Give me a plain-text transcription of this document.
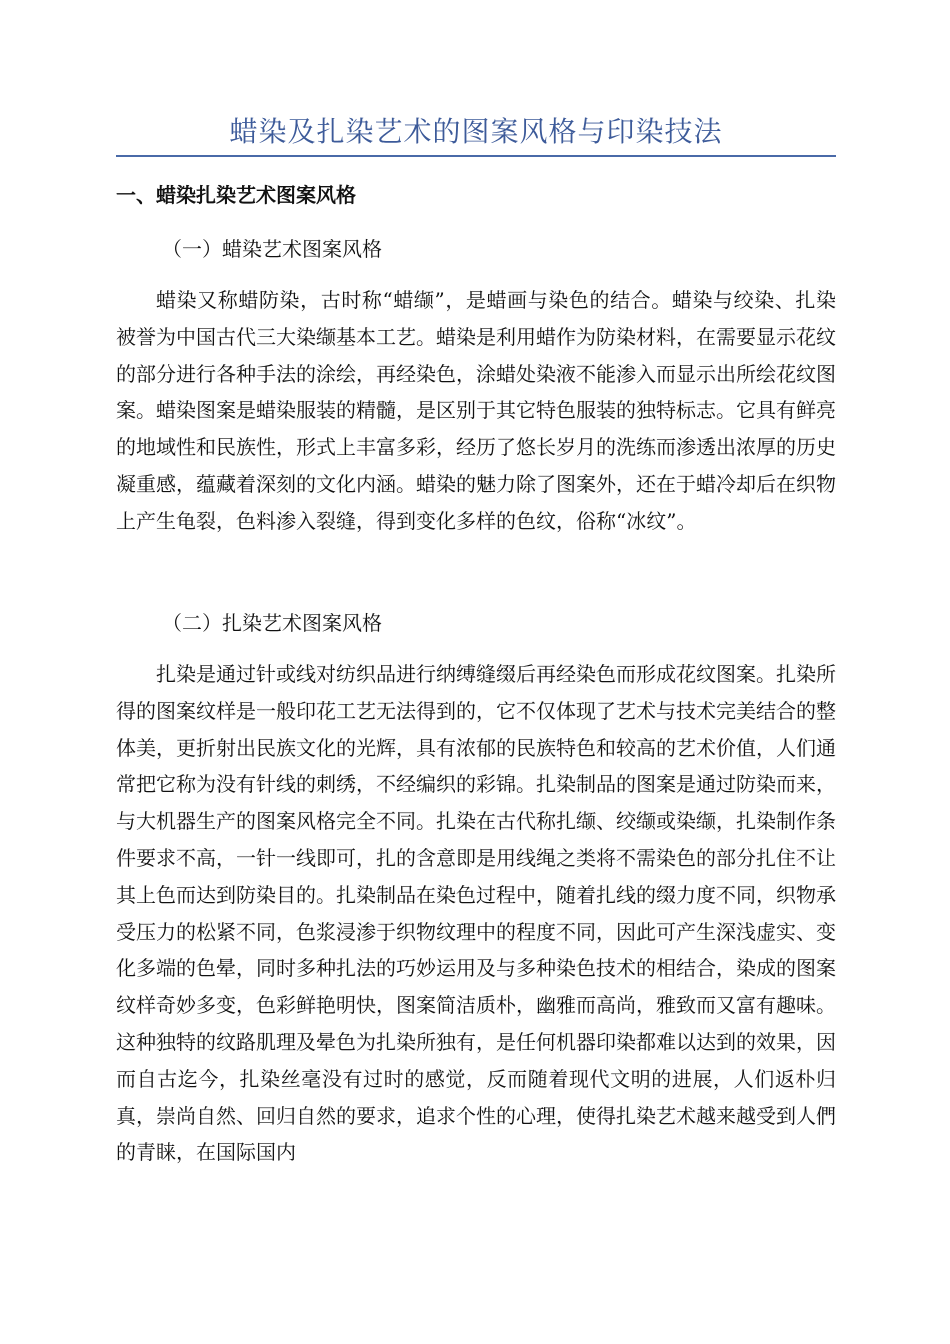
蜡染及扎染艺术的图案风格与印染技法
一、蜡染扎染艺术图案风格
（一）蜡染艺术图案风格

蜡染又称蜡防染，古时称“蜡缬”，是蜡画与染色的结合。蜡染与绞染、扎染被誉为中国古代三大染缬基本工艺。蜡染是利用蜡作为防染材料，在需要显示花纹的部分进行各种手法的涂绘，再经染色，涂蜡处染液不能渗入而显示出所绘花纹图案。蜡染图案是蜡染服装的精髓，是区别于其它特色服装的独特标志。它具有鲜亮的地域性和民族性，形式上丰富多彩，经历了悠长岁月的洗练而渗透出浓厚的历史凝重感，蕴藏着深刻的文化内涵。蜡染的魅力除了图案外，还在于蜡冷却后在织物上产生龟裂，色料渗入裂缝，得到变化多样的色纹，俗称“冰纹”。

（二）扎染艺术图案风格

扎染是通过针或线对纺织品进行纳缚缝缀后再经染色而形成花纹图案。扎染所得的图案纹样是一般印花工艺无法得到的，它不仅体现了艺术与技术完美结合的整体美，更折射出民族文化的光辉，具有浓郁的民族特色和较高的艺术价值，人们通常把它称为没有针线的刺绣，不经编织的彩锦。扎染制品的图案是通过防染而来，与大机器生产的图案风格完全不同。扎染在古代称扎缬、绞缬或染缬，扎染制作条件要求不高，一针一线即可，扎的含意即是用线绳之类将不需染色的部分扎住不让其上色而达到防染目的。扎染制品在染色过程中，随着扎线的缀力度不同，织物承受压力的松紧不同，色浆浸渗于织物纹理中的程度不同，因此可产生深浅虚实、变化多端的色晕，同时多种扎法的巧妙运用及与多种染色技术的相结合，染成的图案纹样奇妙多变，色彩鲜艳明快，图案简洁质朴，幽雅而高尚，雅致而又富有趣味。这种独特的纹路肌理及晕色为扎染所独有，是任何机器印染都难以达到的效果，因而自古迄今，扎染丝毫没有过时的感觉，反而随着现代文明的进展，人们返朴归真，崇尚自然、回归自然的要求，追求个性的心理，使得扎染艺术越来越受到人們的青睐，在国际国内
